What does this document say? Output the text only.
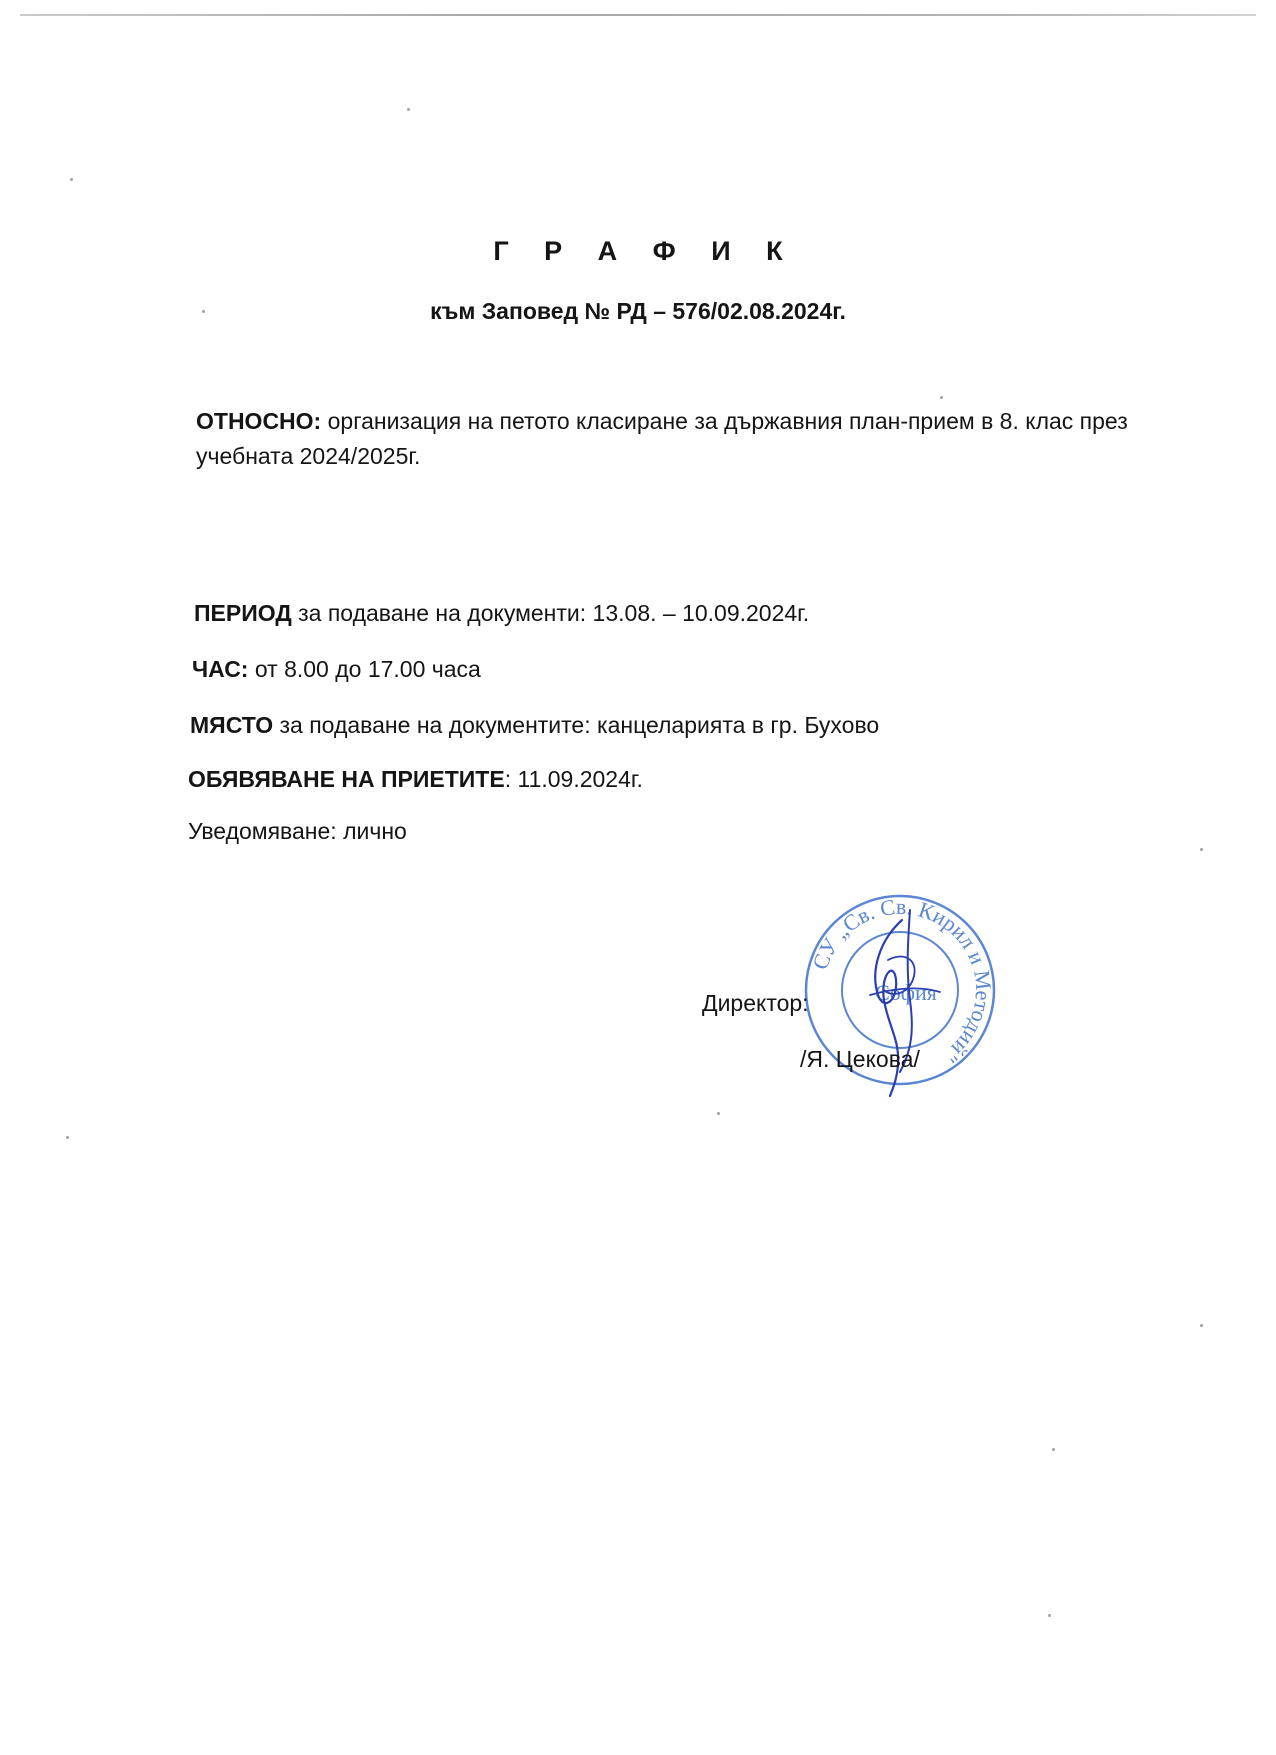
Г Р А Ф И К
към Заповед № РД – 576/02.08.2024г.
ОТНОСНО: организация на петото класиране за държавния план-прием в 8. клас през учебната 2024/2025г.
ПЕРИОД за подаване на документи: 13.08. – 10.09.2024г.
ЧАС: от 8.00 до 17.00 часа
МЯСТО за подаване на документите: канцеларията в гр. Бухово
ОБЯВЯВАНЕ НА ПРИЕТИТЕ: 11.09.2024г.
Уведомяване: лично
СУ „Св. Св. Кирил и Методий"
София
Директор:
/Я. Цекова/
